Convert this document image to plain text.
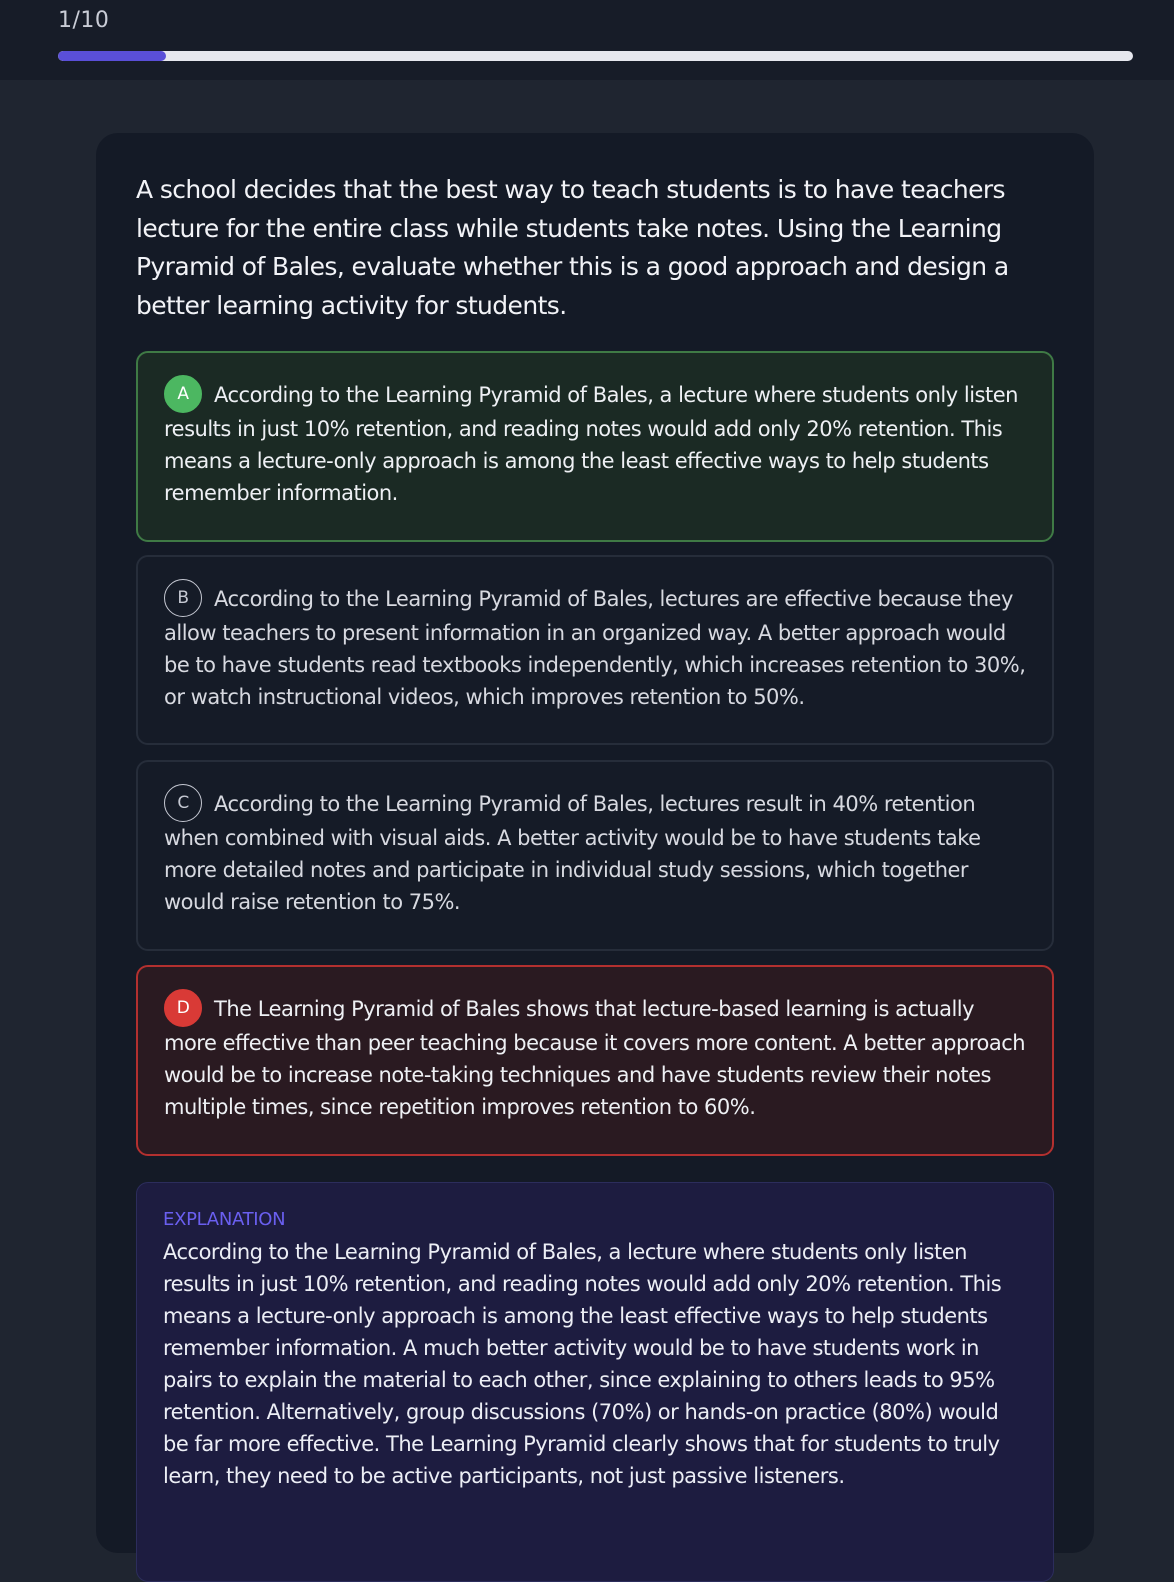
1/10
A school decides that the best way to teach students is to have teachers lecture for the entire class while students take notes. Using the Learning Pyramid of Bales, evaluate whether this is a good approach and design a better learning activity for students.
A According to the Learning Pyramid of Bales, a lecture where students only listen results in just 10% retention, and reading notes would add only 20% retention. This means a lecture-only approach is among the least effective ways to help students remember information.
B According to the Learning Pyramid of Bales, lectures are effective because they allow teachers to present information in an organized way. A better approach would be to have students read textbooks independently, which increases retention to 30%, or watch instructional videos, which improves retention to 50%.
C According to the Learning Pyramid of Bales, lectures result in 40% retention when combined with visual aids. A better activity would be to have students take more detailed notes and participate in individual study sessions, which together would raise retention to 75%.
D The Learning Pyramid of Bales shows that lecture-based learning is actually more effective than peer teaching because it covers more content. A better approach would be to increase note-taking techniques and have students review their notes multiple times, since repetition improves retention to 60%.
EXPLANATION
According to the Learning Pyramid of Bales, a lecture where students only listen results in just 10% retention, and reading notes would add only 20% retention. This means a lecture-only approach is among the least effective ways to help students remember information. A much better activity would be to have students work in pairs to explain the material to each other, since explaining to others leads to 95% retention. Alternatively, group discussions (70%) or hands-on practice (80%) would be far more effective. The Learning Pyramid clearly shows that for students to truly learn, they need to be active participants, not just passive listeners.
